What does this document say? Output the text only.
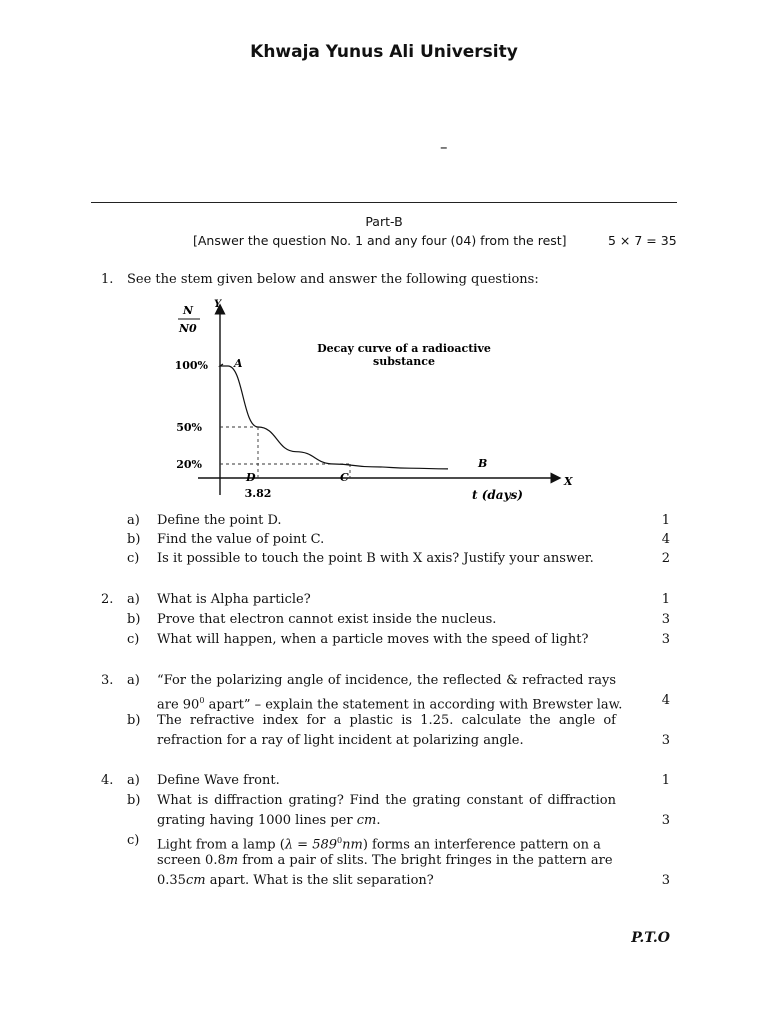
Khwaja Yunus Ali University
–
Part-B
[Answer the question No. 1 and any four (04) from the rest]	5 × 7 = 35
1. See the stem given below and answer the following questions:
Y
X
N
N0
100%
50%
20%
Decay curve of a radioactive
substance
A
B
C
D
3.82	t (days)
a) Define the point D.	1
b) Find the value of point C.	4
c) Is it possible to touch the point B with X axis? Justify your answer.	2
2. a) What is Alpha particle?	1
b) Prove that electron cannot exist inside the nucleus.	3
c) What will happen, when a particle moves with the speed of light?	3
3. a) “For the polarizing angle of incidence, the reflected & refracted rays
are $90^0$ apart” – explain the statement in according with Brewster law.	4
b) The refractive index for a plastic is 1.25. calculate the angle of
refraction for a ray of light incident at polarizing angle.	3
4. a) Define Wave front.	1
b) What is diffraction grating? Find the grating constant of diffraction
grating having 1000 lines per cm.	3
c) Light from a lamp $(\lambda = 589^0nm)$ forms an interference pattern on a
screen 0.8m from a pair of slits. The bright fringes in the pattern are
0.35cm apart. What is the slit separation?	3
P.T.O
